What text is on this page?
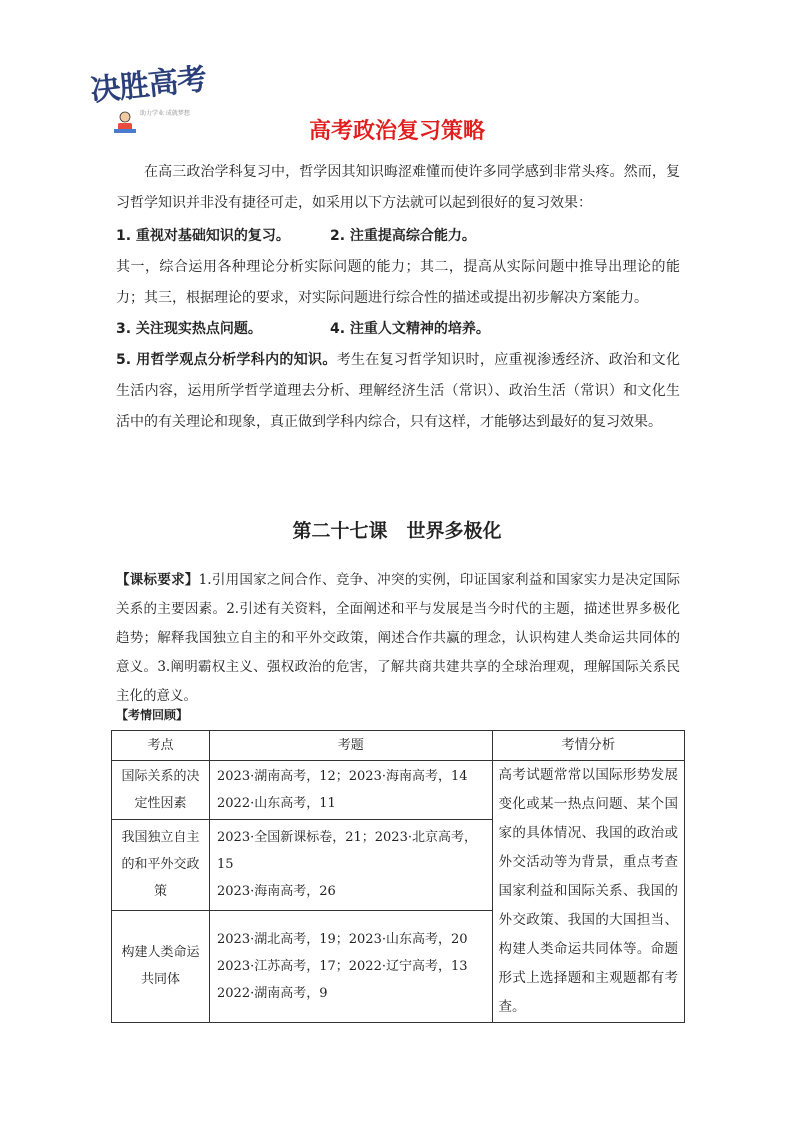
决胜高考
助力学业 成就梦想
高考政治复习策略

在高三政治学科复习中，哲学因其知识晦涩难懂而使许多同学感到非常头疼。然而，复习哲学知识并非没有捷径可走，如采用以下方法就可以起到很好的复习效果：

1. 重视对基础知识的复习。	2. 注重提高综合能力。

其一，综合运用各种理论分析实际问题的能力；其二，提高从实际问题中推导出理论的能力；其三，根据理论的要求，对实际问题进行综合性的描述或提出初步解决方案能力。

3. 关注现实热点问题。	4. 注重人文精神的培养。

5. 用哲学观点分析学科内的知识。考生在复习哲学知识时，应重视渗透经济、政治和文化生活内容，运用所学哲学道理去分析、理解经济生活（常识）、政治生活（常识）和文化生活中的有关理论和现象，真正做到学科内综合，只有这样，才能够达到最好的复习效果。

第二十七课　世界多极化

【课标要求】1.引用国家之间合作、竞争、冲突的实例，印证国家利益和国家实力是决定国际关系的主要因素。2.引述有关资料，全面阐述和平与发展是当今时代的主题，描述世界多极化趋势；解释我国独立自主的和平外交政策，阐述合作共赢的理念，认识构建人类命运共同体的意义。3.阐明霸权主义、强权政治的危害，了解共商共建共享的全球治理观，理解国际关系民主化的意义。

【考情回顾】
考点	考题	考情分析
国际关系的决定性因素	2023·湖南高考，12；2023·海南高考，14
2022·山东高考，11	高考试题常常以国际形势发展变化或某一热点问题、某个国家的具体情况、我国的政治或外交活动等为背景，重点考查国家利益和国际关系、我国的外交政策、我国的大国担当、构建人类命运共同体等。命题形式上选择题和主观题都有考查。
我国独立自主的和平外交政策	2023·全国新课标卷，21；2023·北京高考，15
2023·海南高考，26	

构建人类命运共同体	2023·湖北高考，19；2023·山东高考，20
2023·江苏高考，17；2022·辽宁高考，13
2022·湖南高考，9	
